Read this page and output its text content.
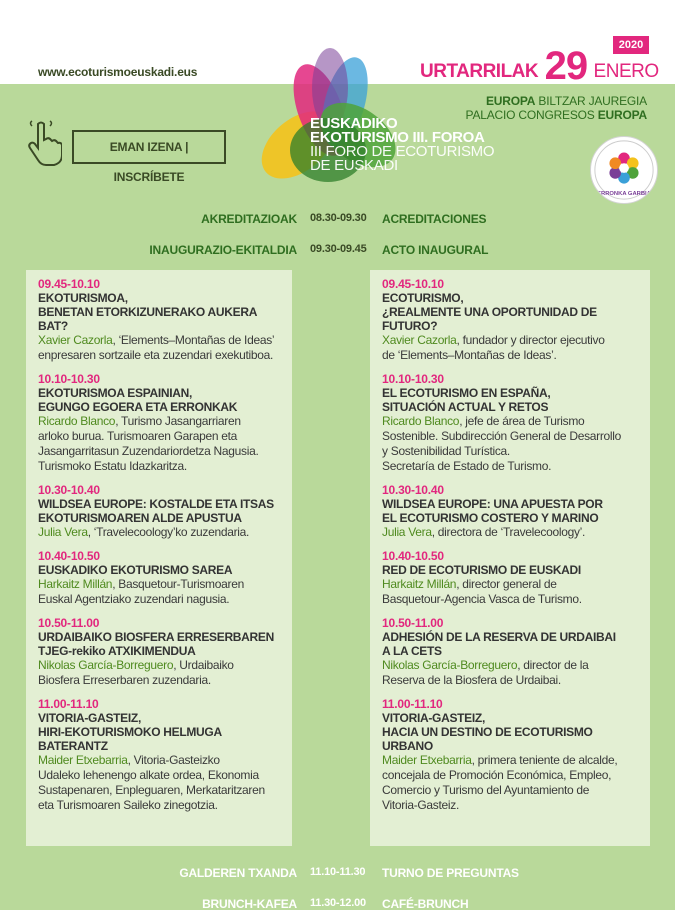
www.ecoturismoeuskadi.eus
EUSKADIKO
EKOTURISMO III. FOROA
III FORO DE ECOTURISMO
DE EUSKADI
2020
URTARRILAK 29 ENERO
EUROPA BILTZAR JAUREGIA
PALACIO CONGRESOS EUROPA
ERRONKA GARBIA
EMAN IZENA | INSCRÍBETE
AKREDITAZIOAK 08.30-09.30 ACREDITACIONES
INAUGURAZIO-EKITALDIA 09.30-09.45 ACTO INAUGURAL
09.45-10.10
EKOTURISMOA,
BENETAN ETORKIZUNERAKO AUKERA BAT?
Xavier Cazorla, ‘Elements–Montañas de Ideas’
enpresaren sortzaile eta zuzendari exekutiboa.
10.10-10.30
EKOTURISMOA ESPAINIAN,
EGUNGO EGOERA ETA ERRONKAK
Ricardo Blanco, Turismo Jasangarriaren
arloko burua. Turismoaren Garapen eta
Jasangarritasun Zuzendariordetza Nagusia.
Turismoko Estatu Idazkaritza.
10.30-10.40
WILDSEA EUROPE: KOSTALDE ETA ITSAS
EKOTURISMOAREN ALDE APUSTUA
Julia Vera, ‘Travelecoology’ko zuzendaria.
10.40-10.50
EUSKADIKO EKOTURISMO SAREA
Harkaitz Millán, Basquetour-Turismoaren
Euskal Agentziako zuzendari nagusia.
10.50-11.00
URDAIBAIKO BIOSFERA ERRESERBAREN
TJEG-rekiko ATXIKIMENDUA
Nikolas García-Borreguero, Urdaibaiko
Biosfera Erreserbaren zuzendaria.
11.00-11.10
VITORIA-GASTEIZ,
HIRI-EKOTURISMOKO HELMUGA BATERANTZ
Maider Etxebarria, Vitoria-Gasteizko
Udaleko lehenengo alkate ordea, Ekonomia
Sustapenaren, Enpleguaren, Merkataritzaren
eta Turismoaren Saileko zinegotzia.
09.45-10.10
ECOTURISMO,
¿REALMENTE UNA OPORTUNIDAD DE FUTURO?
Xavier Cazorla, fundador y director ejecutivo
de ‘Elements–Montañas de Ideas’.
10.10-10.30
EL ECOTURISMO EN ESPAÑA,
SITUACIÓN ACTUAL Y RETOS
Ricardo Blanco, jefe de área de Turismo
Sostenible. Subdirección General de Desarrollo
y Sostenibilidad Turística.
Secretaría de Estado de Turismo.
10.30-10.40
WILDSEA EUROPE: UNA APUESTA POR
EL ECOTURISMO COSTERO Y MARINO
Julia Vera, directora de ‘Travelecoology’.
10.40-10.50
RED DE ECOTURISMO DE EUSKADI
Harkaitz Millán, director general de
Basquetour-Agencia Vasca de Turismo.
10.50-11.00
ADHESIÓN DE LA RESERVA DE URDAIBAI
A LA CETS
Nikolas García-Borreguero, director de la
Reserva de la Biosfera de Urdaibai.
11.00-11.10
VITORIA-GASTEIZ,
HACIA UN DESTINO DE ECOTURISMO URBANO
Maider Etxebarria, primera teniente de alcalde,
concejala de Promoción Económica, Empleo,
Comercio y Turismo del Ayuntamiento de
Vitoria-Gasteiz.
GALDEREN TXANDA 11.10-11.30 TURNO DE PREGUNTAS
BRUNCH-KAFEA 11.30-12.00 CAFÉ-BRUNCH
